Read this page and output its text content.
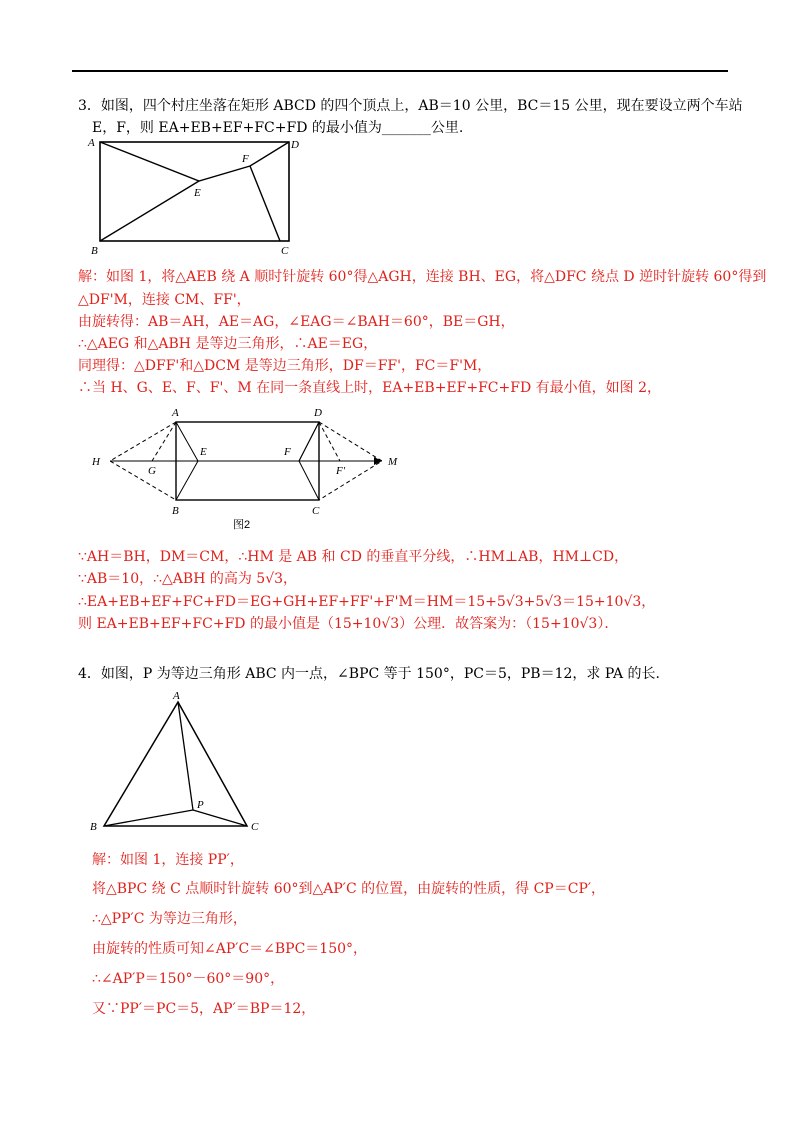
3．如图，四个村庄坐落在矩形 ABCD 的四个顶点上，AB＝10 公里，BC＝15 公里，现在要设立两个车站
E，F，则 EA+EB+EF+FC+FD 的最小值为_______公里.
A	D
B	C
E
F
解：如图 1，将△AEB 绕 A 顺时针旋转 60°得△AGH，连接 BH、EG，将△DFC 绕点 D 逆时针旋转 60°得到
△DF'M，连接 CM、FF'，
由旋转得：AB＝AH，AE＝AG，∠EAG＝∠BAH＝60°，BE＝GH，
∴△AEG 和△ABH 是等边三角形，∴AE＝EG，
同理得：△DFF'和△DCM 是等边三角形，DF＝FF'，FC＝F'M，
∴当 H、G、E、F、F'、M 在同一条直线上时，EA+EB+EF+FC+FD 有最小值，如图 2，
A	D
B	C
H
G
E	F
F'
M
图2
∵AH＝BH，DM＝CM，∴HM 是 AB 和 CD 的垂直平分线，∴HM⊥AB，HM⊥CD，
∵AB＝10，∴△ABH 的高为 5√3，
∴EA+EB+EF+FC+FD＝EG+GH+EF+FF'+F'M＝HM＝15+5√3+5√3＝15+10√3，
则 EA+EB+EF+FC+FD 的最小值是（15+10√3）公理．故答案为：（15+10√3）．
4．如图，P 为等边三角形 ABC 内一点，∠BPC 等于 150°，PC＝5，PB＝12，求 PA 的长.
A
B	C
P
解：如图 1，连接 PP′，
将△BPC 绕 C 点顺时针旋转 60°到△AP′C 的位置，由旋转的性质，得 CP＝CP′，
∴△PP′C 为等边三角形，
由旋转的性质可知∠AP′C＝∠BPC＝150°，
∴∠AP′P＝150°－60°＝90°，
又∵PP′＝PC＝5，AP′＝BP＝12，
